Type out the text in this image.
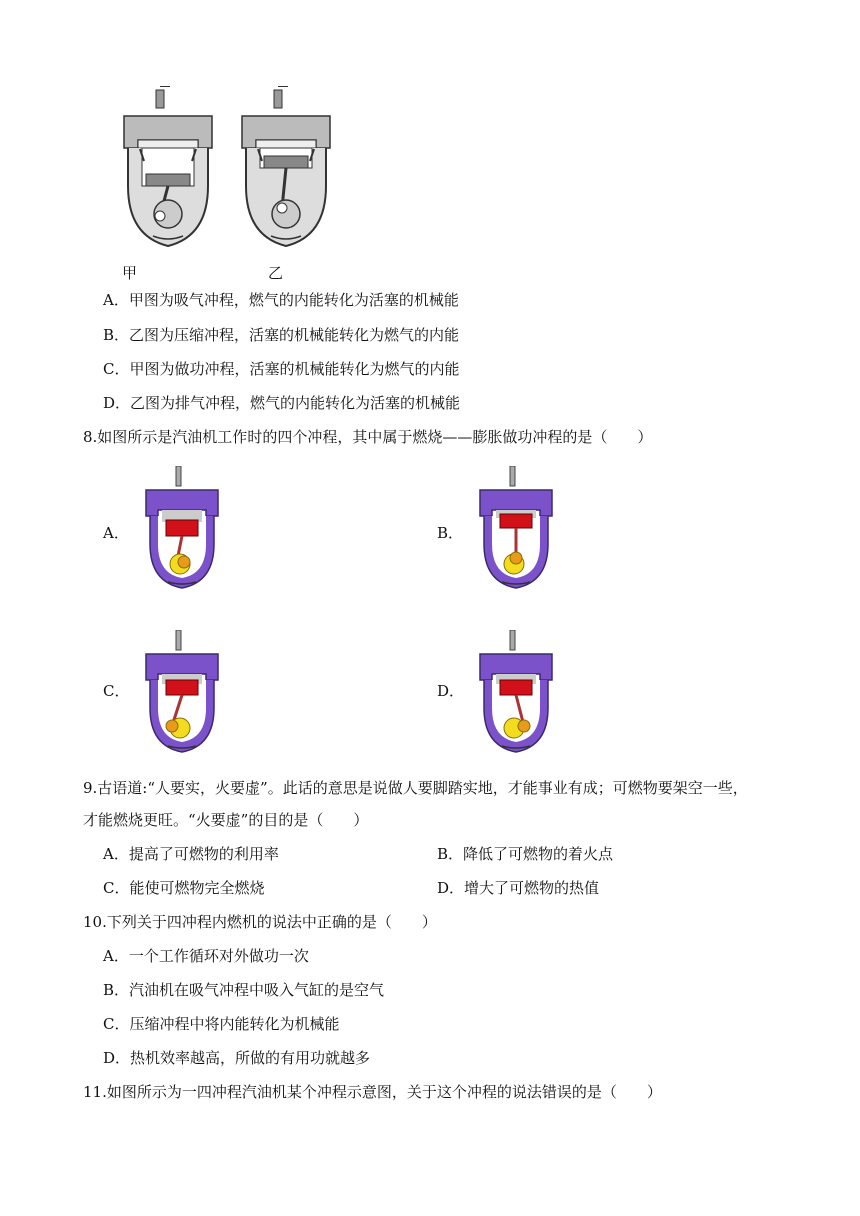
甲	乙
A．甲图为吸气冲程，燃气的内能转化为活塞的机械能
B．乙图为压缩冲程，活塞的机械能转化为燃气的内能
C．甲图为做功冲程，活塞的机械能转化为燃气的内能
D．乙图为排气冲程，燃气的内能转化为活塞的机械能
8.如图所示是汽油机工作时的四个冲程，其中属于燃烧——膨胀做功冲程的是（　　）
A．	B．
C．	D．
9.古语道:“人要实，火要虚”。此话的意思是说做人要脚踏实地，才能事业有成；可燃物要架空一些，
才能燃烧更旺。“火要虚”的目的是（　　）
A．提高了可燃物的利用率	B．降低了可燃物的着火点
C．能使可燃物完全燃烧	D．增大了可燃物的热值
10.下列关于四冲程内燃机的说法中正确的是（　　）
A．一个工作循环对外做功一次
B．汽油机在吸气冲程中吸入气缸的是空气
C．压缩冲程中将内能转化为机械能
D．热机效率越高，所做的有用功就越多
11.如图所示为一四冲程汽油机某个冲程示意图，关于这个冲程的说法错误的是（　　）
